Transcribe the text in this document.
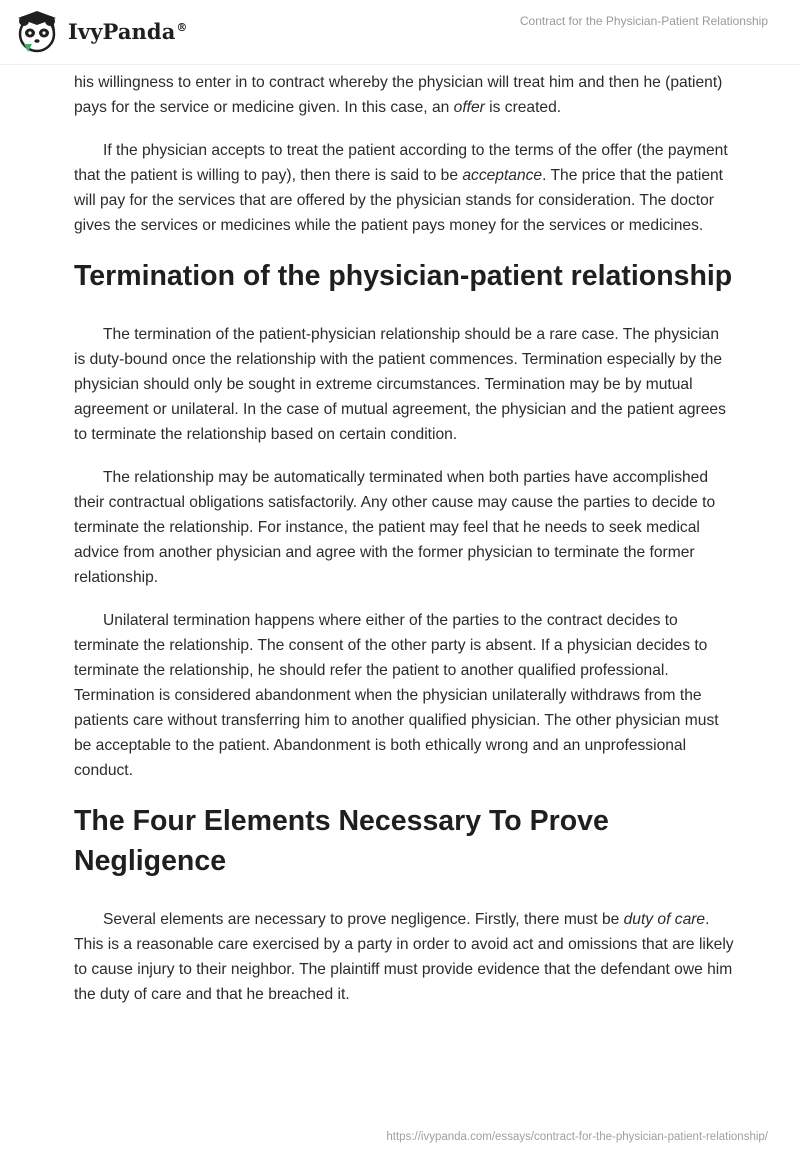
IvyPanda®	Contract for the Physician-Patient Relationship

his willingness to enter in to contract whereby the physician will treat him and then he (patient) pays for the service or medicine given. In this case, an offer is created.

If the physician accepts to treat the patient according to the terms of the offer (the payment that the patient is willing to pay), then there is said to be acceptance. The price that the patient will pay for the services that are offered by the physician stands for consideration. The doctor gives the services or medicines while the patient pays money for the services or medicines.

Termination of the physician-patient relationship

The termination of the patient-physician relationship should be a rare case. The physician is duty-bound once the relationship with the patient commences. Termination especially by the physician should only be sought in extreme circumstances. Termination may be by mutual agreement or unilateral. In the case of mutual agreement, the physician and the patient agrees to terminate the relationship based on certain condition.

The relationship may be automatically terminated when both parties have accomplished their contractual obligations satisfactorily. Any other cause may cause the parties to decide to terminate the relationship. For instance, the patient may feel that he needs to seek medical advice from another physician and agree with the former physician to terminate the former relationship.

Unilateral termination happens where either of the parties to the contract decides to terminate the relationship. The consent of the other party is absent. If a physician decides to terminate the relationship, he should refer the patient to another qualified professional. Termination is considered abandonment when the physician unilaterally withdraws from the patients care without transferring him to another qualified physician. The other physician must be acceptable to the patient. Abandonment is both ethically wrong and an unprofessional conduct.

The Four Elements Necessary To Prove Negligence

Several elements are necessary to prove negligence. Firstly, there must be duty of care. This is a reasonable care exercised by a party in order to avoid act and omissions that are likely to cause injury to their neighbor. The plaintiff must provide evidence that the defendant owe him the duty of care and that he breached it.

https://ivypanda.com/essays/contract-for-the-physician-patient-relationship/
